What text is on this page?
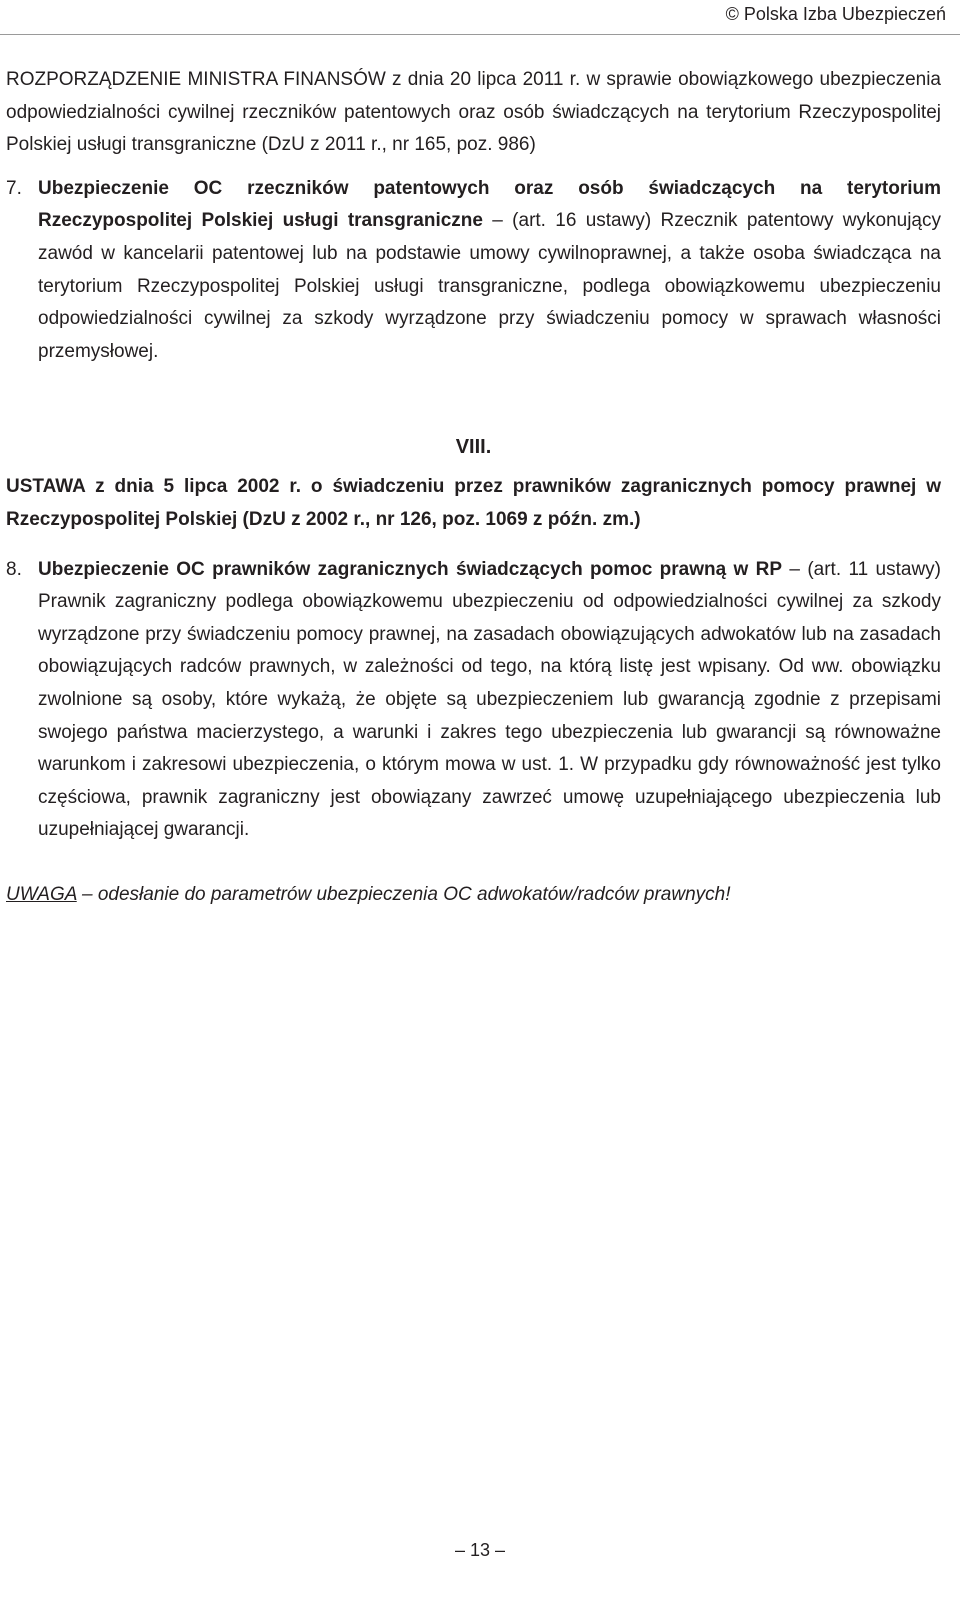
© Polska Izba Ubezpieczeń

ROZPORZĄDZENIE MINISTRA FINANSÓW z dnia 20 lipca 2011 r. w sprawie obowiązkowego ubezpieczenia odpowiedzialności cywilnej rzeczników patentowych oraz osób świadczących na terytorium Rzeczypospolitej Polskiej usługi transgraniczne (DzU z 2011 r., nr 165, poz. 986)

7. Ubezpieczenie OC rzeczników patentowych oraz osób świadczących na terytorium Rzeczypospolitej Polskiej usługi transgraniczne – (art. 16 ustawy) Rzecznik patentowy wykonujący zawód w kancelarii patentowej lub na podstawie umowy cywilnoprawnej, a także osoba świadcząca na terytorium Rzeczypospolitej Polskiej usługi transgraniczne, podlega obowiązkowemu ubezpieczeniu odpowiedzialności cywilnej za szkody wyrządzone przy świadczeniu pomocy w sprawach własności przemysłowej.

VIII.

USTAWA z dnia 5 lipca 2002 r. o świadczeniu przez prawników zagranicznych pomocy prawnej w Rzeczypospolitej Polskiej (DzU z 2002 r., nr 126, poz. 1069 z późn. zm.)

8. Ubezpieczenie OC prawników zagranicznych świadczących pomoc prawną w RP – (art. 11 ustawy) Prawnik zagraniczny podlega obowiązkowemu ubezpieczeniu od odpowiedzialności cywilnej za szkody wyrządzone przy świadczeniu pomocy prawnej, na zasadach obowiązujących adwokatów lub na zasadach obowiązujących radców prawnych, w zależności od tego, na którą listę jest wpisany. Od ww. obowiązku zwolnione są osoby, które wykażą, że objęte są ubezpieczeniem lub gwarancją zgodnie z przepisami swojego państwa macierzystego, a warunki i zakres tego ubezpieczenia lub gwarancji są równoważne warunkom i zakresowi ubezpieczenia, o którym mowa w ust. 1. W przypadku gdy równoważność jest tylko częściowa, prawnik zagraniczny jest obowiązany zawrzeć umowę uzupełniającego ubezpieczenia lub uzupełniającej gwarancji.

UWAGA – odesłanie do parametrów ubezpieczenia OC adwokatów/radców prawnych!
– 13 –
